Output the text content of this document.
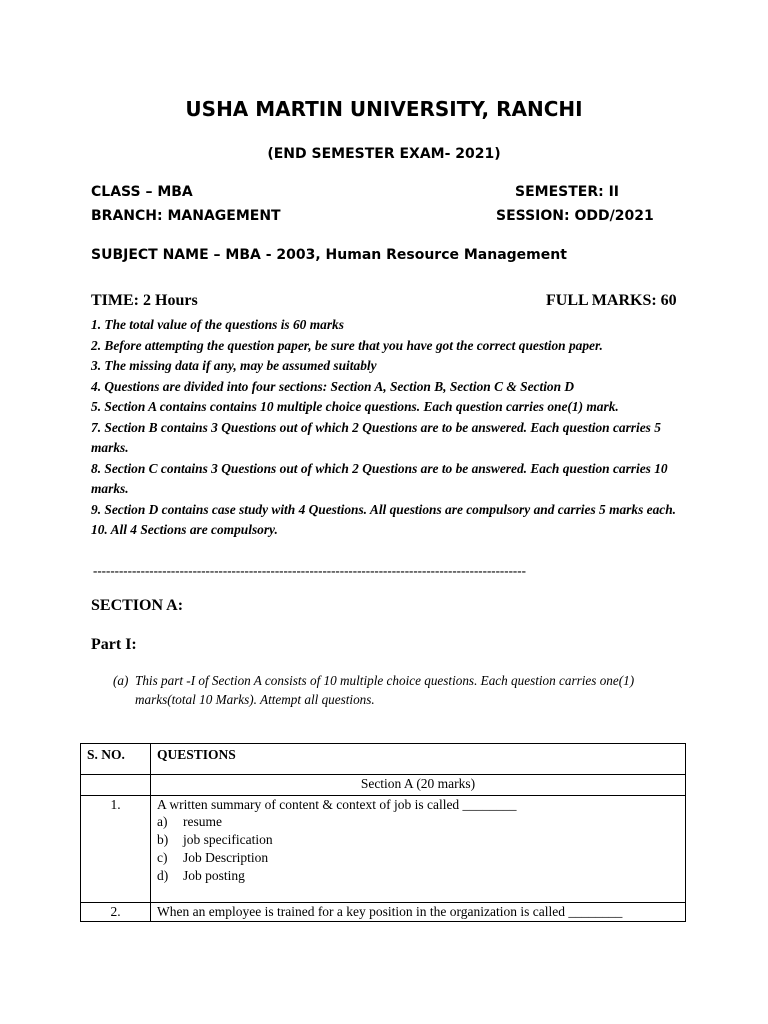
USHA MARTIN UNIVERSITY, RANCHI
(END SEMESTER EXAM- 2021)
CLASS – MBA	SEMESTER: II
BRANCH: MANAGEMENT	SESSION: ODD/2021
SUBJECT NAME – MBA - 2003, Human Resource Management
TIME: 2 Hours	FULL MARKS: 60
1. The total value of the questions is 60 marks
2. Before attempting the question paper, be sure that you have got the correct question paper.
3. The missing data if any, may be assumed suitably
4. Questions are divided into four sections: Section A, Section B, Section C & Section D
5. Section A contains contains 10 multiple choice questions. Each question carries one(1) mark.
7. Section B contains 3 Questions out of which 2 Questions are to be answered. Each question carries 5 marks.
8. Section C contains 3 Questions out of which 2 Questions are to be answered. Each question carries 10 marks.
9. Section D contains case study with 4 Questions. All questions are compulsory and carries 5 marks each.
10. All 4 Sections are compulsory.
----------------------------------------------------------------------------------------------------
SECTION A:
Part I:
(a) This part -I of Section A consists of 10 multiple choice questions. Each question carries one(1)
marks(total 10 Marks). Attempt all questions.
S. NO.	QUESTIONS
	Section A (20 marks)
1.	A written summary of content & context of job is called ________
a) resume
b) job specification
c) Job Description
d) Job posting

2.	When an employee is trained for a key position in the organization is called ________
